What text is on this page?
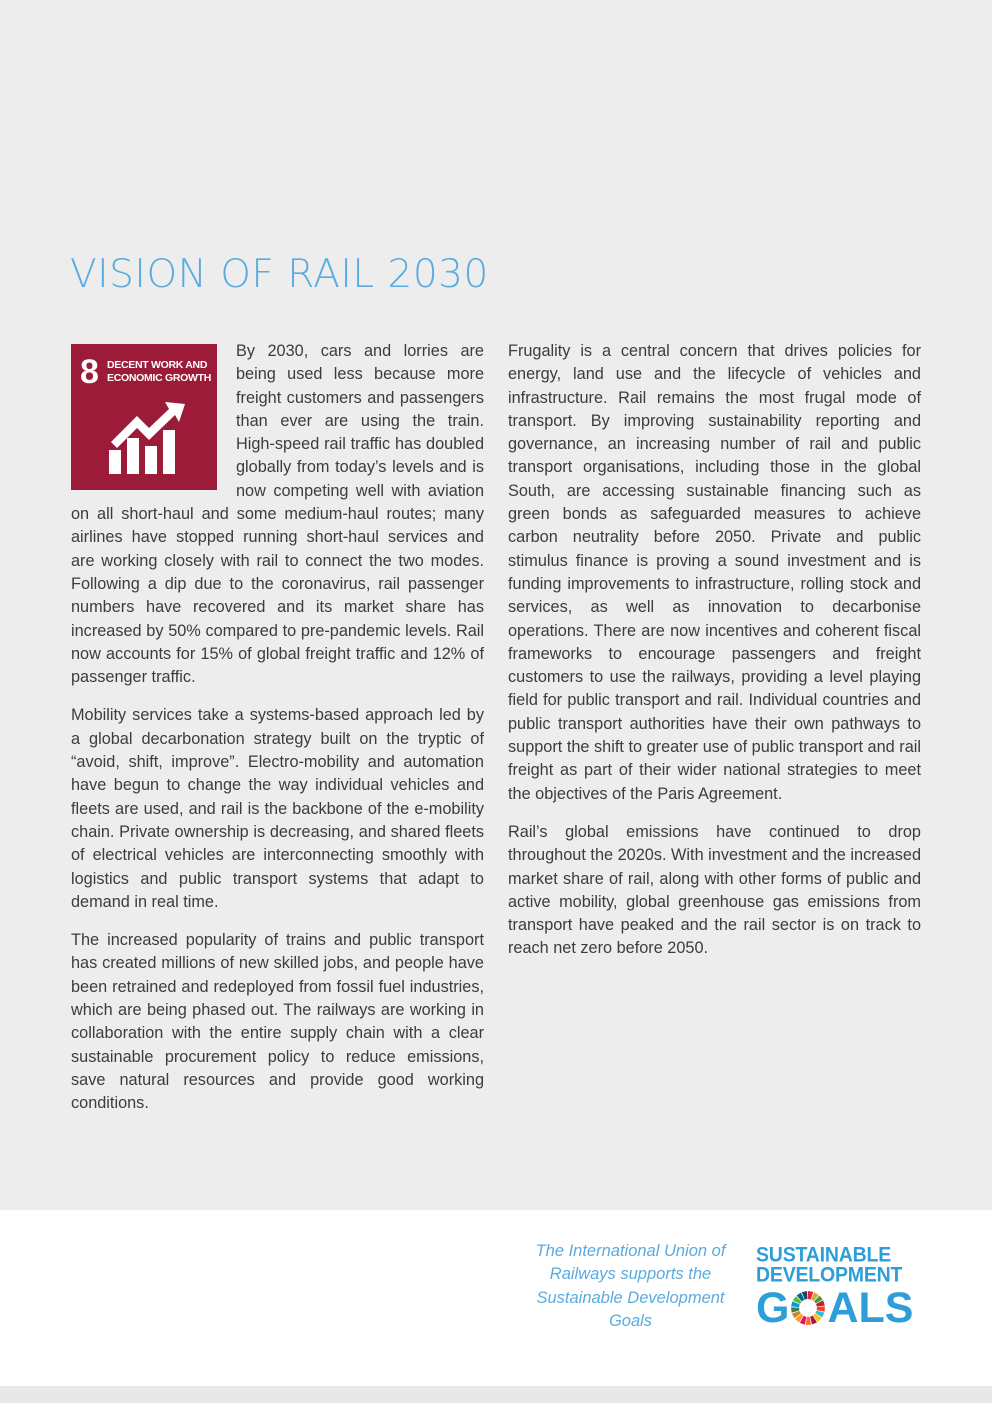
VISION OF RAIL 2030
8 DECENT WORK AND ECONOMIC GROWTH

By 2030, cars and lorries are being used less because more freight customers and passengers than ever are using the train. High-speed rail traffic has doubled globally from today’s levels and is now competing well with aviation on all short-haul and some medium-haul routes; many airlines have stopped running short-haul services and are working closely with rail to connect the two modes. Following a dip due to the coronavirus, rail passenger numbers have recovered and its market share has increased by 50% compared to pre-pandemic levels. Rail now accounts for 15% of global freight traffic and 12% of passenger traffic.

Mobility services take a systems-based approach led by a global decarbonation strategy built on the tryptic of “avoid, shift, improve”. Electro-mobility and automation have begun to change the way individual vehicles and fleets are used, and rail is the backbone of the e-mobility chain. Private ownership is decreasing, and shared fleets of electrical vehicles are interconnecting smoothly with logistics and public transport systems that adapt to demand in real time.

The increased popularity of trains and public transport has created millions of new skilled jobs, and people have been retrained and redeployed from fossil fuel industries, which are being phased out. The railways are working in collaboration with the entire supply chain with a clear sustainable procurement policy to reduce emissions, save natural resources and provide good working conditions.

Frugality is a central concern that drives policies for energy, land use and the lifecycle of vehicles and infrastructure. Rail remains the most frugal mode of transport. By improving sustainability reporting and governance, an increasing number of rail and public transport organisations, including those in the global South, are accessing sustainable financing such as green bonds as safeguarded measures to achieve carbon neutrality before 2050. Private and public stimulus finance is proving a sound investment and is funding improvements to infrastructure, rolling stock and services, as well as innovation to decarbonise operations. There are now incentives and coherent fiscal frameworks to encourage passengers and freight customers to use the railways, providing a level playing field for public transport and rail. Individual countries and public transport authorities have their own pathways to support the shift to greater use of public transport and rail freight as part of their wider national strategies to meet the objectives of the Paris Agreement.

Rail’s global emissions have continued to drop throughout the 2020s. With investment and the increased market share of rail, along with other forms of public and active mobility, global greenhouse gas emissions from transport have peaked and the rail sector is on track to reach net zero before 2050.

The International Union of Railways supports the Sustainable Development Goals
SUSTAINABLE
DEVELOPMENT
G ALS
